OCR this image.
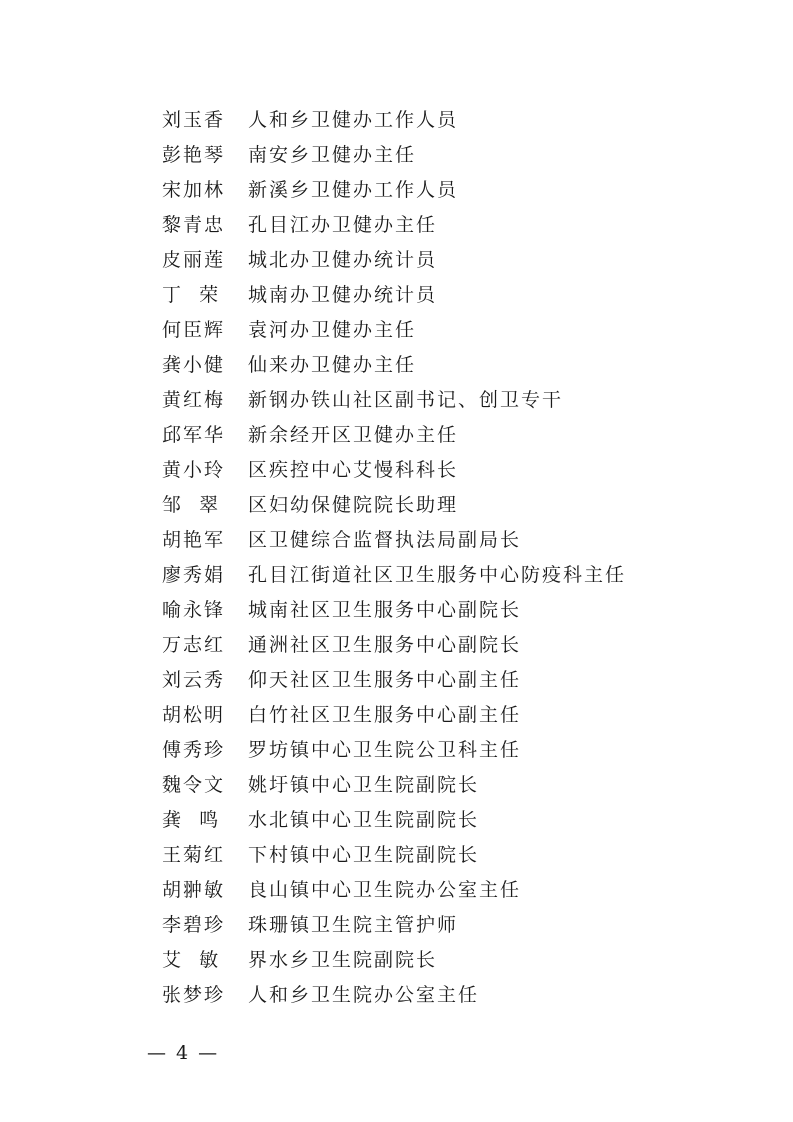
刘玉香	人和乡卫健办工作人员
彭艳琴	南安乡卫健办主任
宋加林	新溪乡卫健办工作人员
黎青忠	孔目江办卫健办主任
皮丽莲	城北办卫健办统计员
丁  荣	城南办卫健办统计员
何臣辉	袁河办卫健办主任
龚小健	仙来办卫健办主任
黄红梅	新钢办铁山社区副书记、创卫专干
邱军华	新余经开区卫健办主任
黄小玲	区疾控中心艾慢科科长
邹  翠	区妇幼保健院院长助理
胡艳军	区卫健综合监督执法局副局长
廖秀娟	孔目江街道社区卫生服务中心防疫科主任
喻永锋	城南社区卫生服务中心副院长
万志红	通洲社区卫生服务中心副院长
刘云秀	仰天社区卫生服务中心副主任
胡松明	白竹社区卫生服务中心副主任
傅秀珍	罗坊镇中心卫生院公卫科主任
魏令文	姚圩镇中心卫生院副院长
龚  鸣	水北镇中心卫生院副院长
王菊红	下村镇中心卫生院副院长
胡翀敏	良山镇中心卫生院办公室主任
李碧珍	珠珊镇卫生院主管护师
艾  敏	界水乡卫生院副院长
张梦珍	人和乡卫生院办公室主任
— 4 —
